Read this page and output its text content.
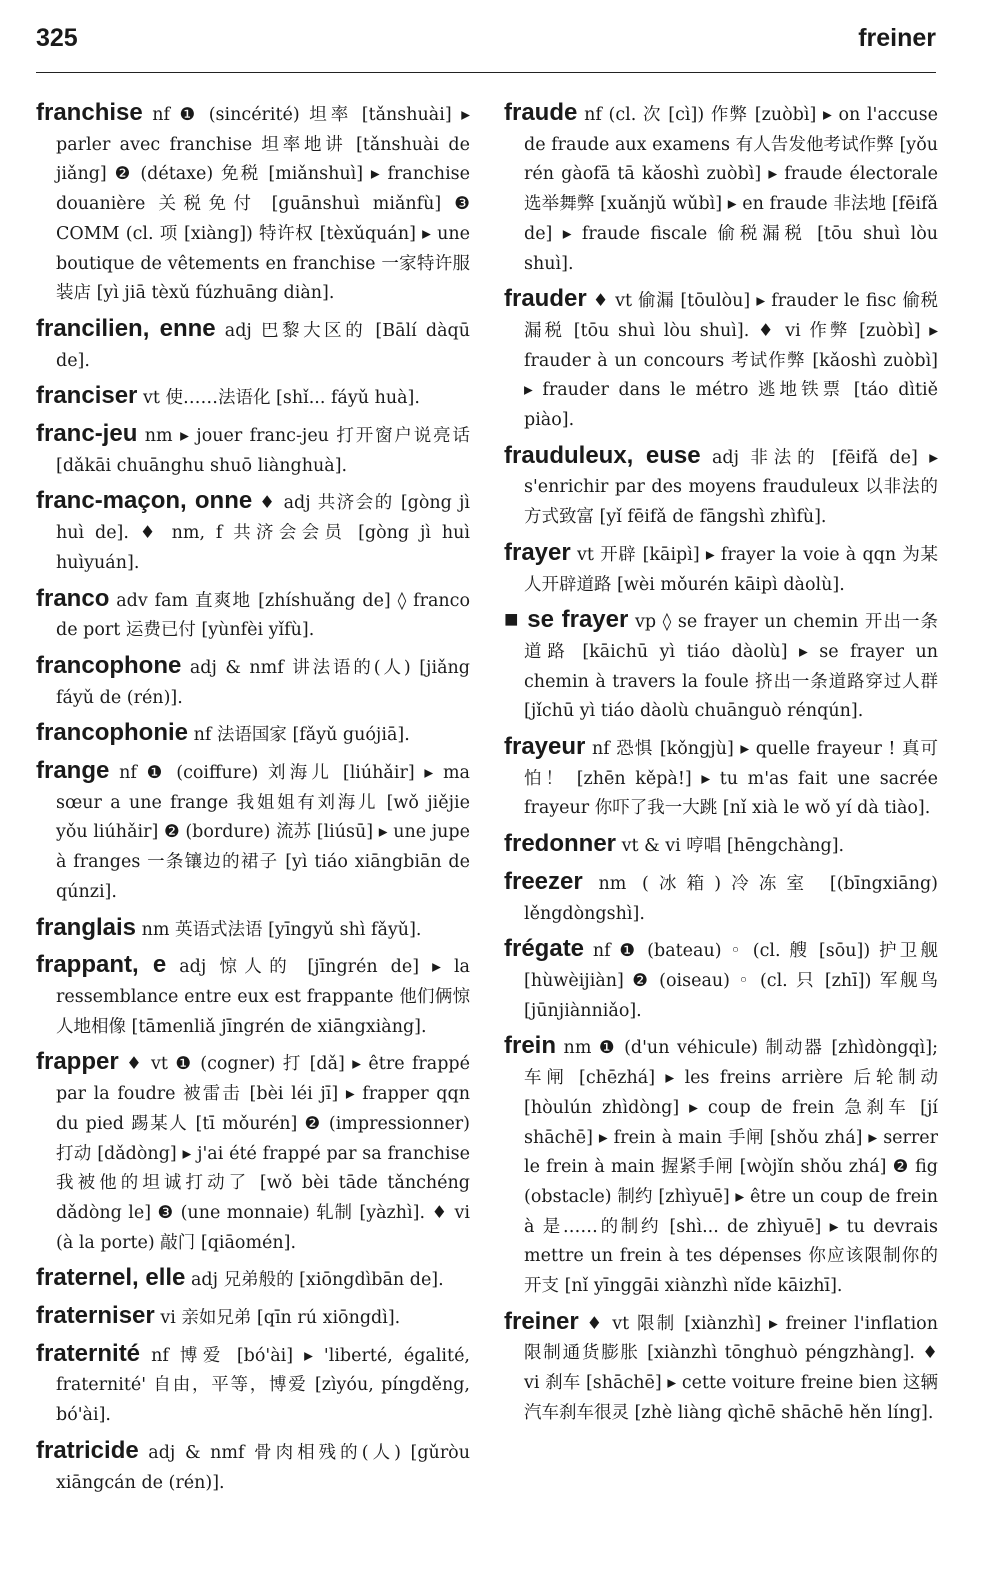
325	freiner

franchise nf ❶ (sincérité) 坦率 [tǎnshuài] ▸ parler avec franchise 坦率地讲 [tǎnshuài de jiǎng] ❷ (détaxe) 免税 [miǎnshuì] ▸ franchise douanière 关税免付 [guānshuì miǎnfù] ❸ COMM (cl. 项 [xiàng]) 特许权 [tèxǔquán] ▸ une boutique de vêtements en franchise 一家特许服装店 [yì jiā tèxǔ fúzhuāng diàn].

francilien, enne adj 巴黎大区的 [Bālí dàqū de].

franciser vt 使……法语化 [shǐ... fáyǔ huà].

franc-jeu nm ▸ jouer franc-jeu 打开窗户说亮话 [dǎkāi chuānghu shuō liànghuà].

franc-maçon, onne ♦ adj 共济会的 [gòng jì huì de]. ♦ nm, f 共济会会员 [gòng jì huì huìyuán].

franco adv fam 直爽地 [zhíshuǎng de] ◊ franco de port 运费已付 [yùnfèi yǐfù].

francophone adj & nmf 讲法语的(人) [jiǎng fáyǔ de (rén)].

francophonie nf 法语国家 [fǎyǔ guójiā].

frange nf ❶ (coiffure) 刘海儿 [liúhǎir] ▸ ma sœur a une frange 我姐姐有刘海儿 [wǒ jiějie yǒu liúhǎir] ❷ (bordure) 流苏 [liúsū] ▸ une jupe à franges 一条镶边的裙子 [yì tiáo xiāngbiān de qúnzi].

franglais nm 英语式法语 [yīngyǔ shì fǎyǔ].

frappant, e adj 惊人的 [jīngrén de] ▸ la ressemblance entre eux est frappante 他们俩惊人地相像 [tāmenliǎ jīngrén de xiāngxiàng].

frapper ♦ vt ❶ (cogner) 打 [dǎ] ▸ être frappé par la foudre 被雷击 [bèi léi jī] ▸ frapper qqn du pied 踢某人 [tī mǒurén] ❷ (impressionner) 打动 [dǎdòng] ▸ j'ai été frappé par sa franchise 我被他的坦诚打动了 [wǒ bèi tāde tǎnchéng dǎdòng le] ❸ (une monnaie) 轧制 [yàzhì]. ♦ vi (à la porte) 敲门 [qiāomén].

fraternel, elle adj 兄弟般的 [xiōngdìbān de].

fraterniser vi 亲如兄弟 [qīn rú xiōngdì].

fraternité nf 博爱 [bó'ài] ▸ 'liberté, égalité, fraternité' 自由，平等，博爱 [zìyóu, píngděng, bó'ài].

fratricide adj & nmf 骨肉相残的(人) [gǔròu xiāngcán de (rén)].

fraude nf (cl. 次 [cì]) 作弊 [zuòbì] ▸ on l'accuse de fraude aux examens 有人告发他考试作弊 [yǒu rén gàofā tā kǎoshì zuòbì] ▸ fraude électorale 选举舞弊 [xuǎnjǔ wǔbì] ▸ en fraude 非法地 [fēifǎ de] ▸ fraude fiscale 偷税漏税 [tōu shuì lòu shuì].

frauder ♦ vt 偷漏 [tōulòu] ▸ frauder le fisc 偷税漏税 [tōu shuì lòu shuì]. ♦ vi 作弊 [zuòbì] ▸ frauder à un concours 考试作弊 [kǎoshì zuòbì] ▸ frauder dans le métro 逃地铁票 [táo dìtiě piào].

frauduleux, euse adj 非法的 [fēifǎ de] ▸ s'enrichir par des moyens frauduleux 以非法的方式致富 [yǐ fēifǎ de fāngshì zhìfù].

frayer vt 开辟 [kāipì] ▸ frayer la voie à qqn 为某人开辟道路 [wèi mǒurén kāipì dàolù].

■ se frayer vp ◊ se frayer un chemin 开出一条道路 [kāichū yì tiáo dàolù] ▸ se frayer un chemin à travers la foule 挤出一条道路穿过人群 [jǐchū yì tiáo dàolù chuānguò rénqún].

frayeur nf 恐惧 [kǒngjù] ▸ quelle frayeur ! 真可怕！ [zhēn kěpà!] ▸ tu m'as fait une sacrée frayeur 你吓了我一大跳 [nǐ xià le wǒ yí dà tiào].

fredonner vt & vi 哼唱 [hēngchàng].

freezer nm (冰箱)冷冻室 [(bīngxiāng) lěngdòngshì].

frégate nf ❶ (bateau) ◦ (cl. 艘 [sōu]) 护卫舰 [hùwèijiàn] ❷ (oiseau) ◦ (cl. 只 [zhī]) 军舰鸟 [jūnjiànniǎo].

frein nm ❶ (d'un véhicule) 制动器 [zhìdòngqì]; 车闸 [chēzhá] ▸ les freins arrière 后轮制动 [hòulún zhìdòng] ▸ coup de frein 急刹车 [jí shāchē] ▸ frein à main 手闸 [shǒu zhá] ▸ serrer le frein à main 握紧手闸 [wòjǐn shǒu zhá] ❷ fig (obstacle) 制约 [zhìyuē] ▸ être un coup de frein à 是……的制约 [shì... de zhìyuē] ▸ tu devrais mettre un frein à tes dépenses 你应该限制你的开支 [nǐ yīnggāi xiànzhì nǐde kāizhī].

freiner ♦ vt 限制 [xiànzhì] ▸ freiner l'inflation 限制通货膨胀 [xiànzhì tōnghuò péngzhàng]. ♦ vi 刹车 [shāchē] ▸ cette voiture freine bien 这辆汽车刹车很灵 [zhè liàng qìchē shāchē hěn líng].
